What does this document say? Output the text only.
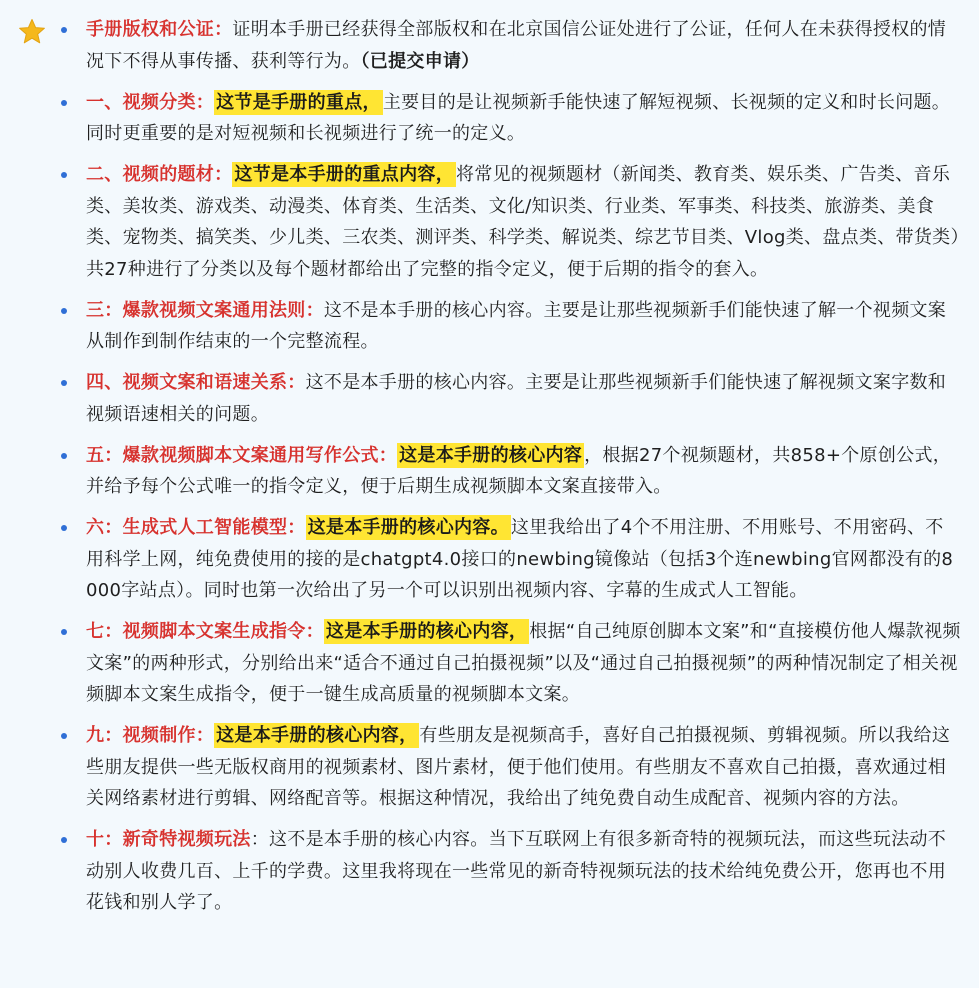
手册版权和公证：证明本手册已经获得全部版权和在北京国信公证处进行了公证，任何人在未获得授权的情况下不得从事传播、获利等行为。（已提交申请）
一、视频分类： 这节是手册的重点， 主要目的是让视频新手能快速了解短视频、长视频的定义和时长问题。同时更重要的是对短视频和长视频进行了统一的定义。
二、视频的题材： 这节是本手册的重点内容， 将常见的视频题材（新闻类、教育类、娱乐类、广告类、音乐类、美妆类、游戏类、动漫类、体育类、生活类、文化/知识类、行业类、军事类、科技类、旅游类、美食类、宠物类、搞笑类、少儿类、三农类、测评类、科学类、解说类、综艺节目类、Vlog类、盘点类、带货类）共27种进行了分类以及每个题材都给出了完整的指令定义，便于后期的指令的套入。
三：爆款视频文案通用法则：这不是本手册的核心内容。主要是让那些视频新手们能快速了解一个视频文案从制作到制作结束的一个完整流程。
四、视频文案和语速关系：这不是本手册的核心内容。主要是让那些视频新手们能快速了解视频文案字数和视频语速相关的问题。
五：爆款视频脚本文案通用写作公式： 这是本手册的核心内容 ，根据27个视频题材，共858+个原创公式，并给予每个公式唯一的指令定义，便于后期生成视频脚本文案直接带入。
六：生成式人工智能模型： 这是本手册的核心内容。 这里我给出了4个不用注册、不用账号、不用密码、不用科学上网，纯免费使用的接的是chatgpt4.0接口的newbing镜像站（包括3个连newbing官网都没有的8000字站点）。同时也第一次给出了另一个可以识别出视频内容、字幕的生成式人工智能。
七：视频脚本文案生成指令： 这是本手册的核心内容， 根据“自己纯原创脚本文案”和“直接模仿他人爆款视频文案”的两种形式，分别给出来“适合不通过自己拍摄视频”以及“通过自己拍摄视频”的两种情况制定了相关视频脚本文案生成指令，便于一键生成高质量的视频脚本文案。
九：视频制作： 这是本手册的核心内容， 有些朋友是视频高手，喜好自己拍摄视频、剪辑视频。所以我给这些朋友提供一些无版权商用的视频素材、图片素材，便于他们使用。有些朋友不喜欢自己拍摄，喜欢通过相关网络素材进行剪辑、网络配音等。根据这种情况，我给出了纯免费自动生成配音、视频内容的方法。
十：新奇特视频玩法：这不是本手册的核心内容。当下互联网上有很多新奇特的视频玩法，而这些玩法动不动别人收费几百、上千的学费。这里我将现在一些常见的新奇特视频玩法的技术给纯免费公开，您再也不用花钱和别人学了。
